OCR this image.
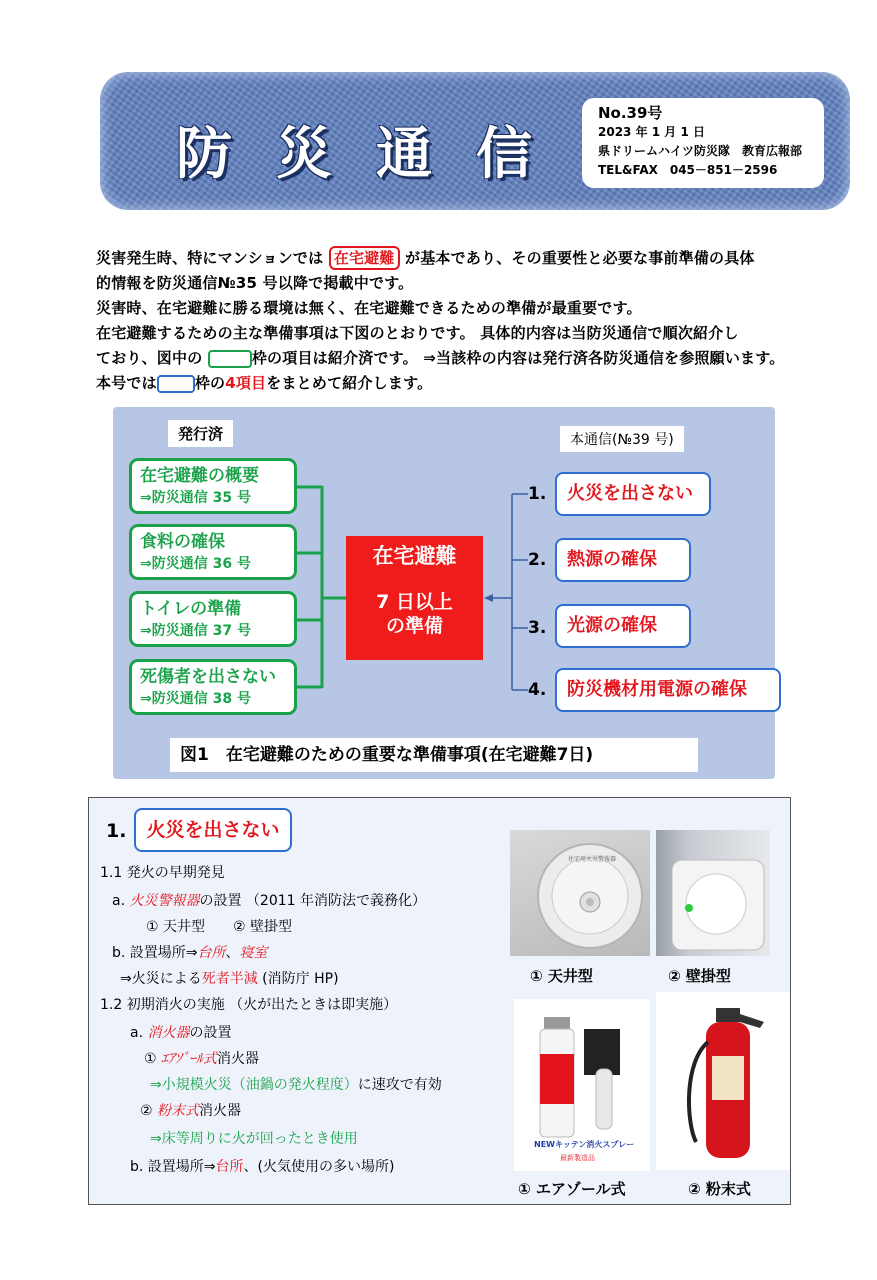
防災通信
No.39号
2023 年 1 月 1 日
県ドリームハイツ防災隊　教育広報部
TEL&FAX　045－851－2596
災害発生時、特にマンションでは 在宅避難 が基本であり、その重要性と必要な事前準備の具体
的情報を防災通信№35 号以降で掲載中です。
災害時、在宅避難に勝る環境は無く、在宅避難できるための準備が最重要です。
在宅避難するための主な準備事項は下図のとおりです。 具体的内容は当防災通信で順次紹介し
ており、図中の	枠の項目は紹介済です。 ⇒当該枠の内容は発行済各防災通信を参照願います。
本号では	枠の4項目をまとめて紹介します。
発行済	本通信(№39 号)
在宅避難の概要
⇒防災通信 35 号
食料の確保
⇒防災通信 36 号
トイレの準備
⇒防災通信 37 号
死傷者を出さない
⇒防災通信 38 号
在宅避難
7 日以上
の準備
1.	火災を出さない
2.	熱源の確保
3.	光源の確保
4.	防災機材用電源の確保
図1　在宅避難のための重要な準備事項(在宅避難7日)
1.	火災を出さない
1.1 発火の早期発見
a. 火災警報器の設置 （2011 年消防法で義務化）
① 天井型　　② 壁掛型
b. 設置場所⇒台所、寝室
⇒火災による死者半減 (消防庁 HP)
1.2 初期消火の実施 （火が出たときは即実施）
a. 消火器の設置
① ｴｱｿﾞｰﾙ式消火器
⇒小規模火災（油鍋の発火程度）に速攻で有効
② 粉末式消火器
⇒床等周りに火が回ったとき使用
b. 設置場所⇒台所、(火気使用の多い場所)
住宅用火災警報器
① 天井型	② 壁掛型
NEWキッテン消火スプレー
最新製造品
① エアゾール式	② 粉末式
